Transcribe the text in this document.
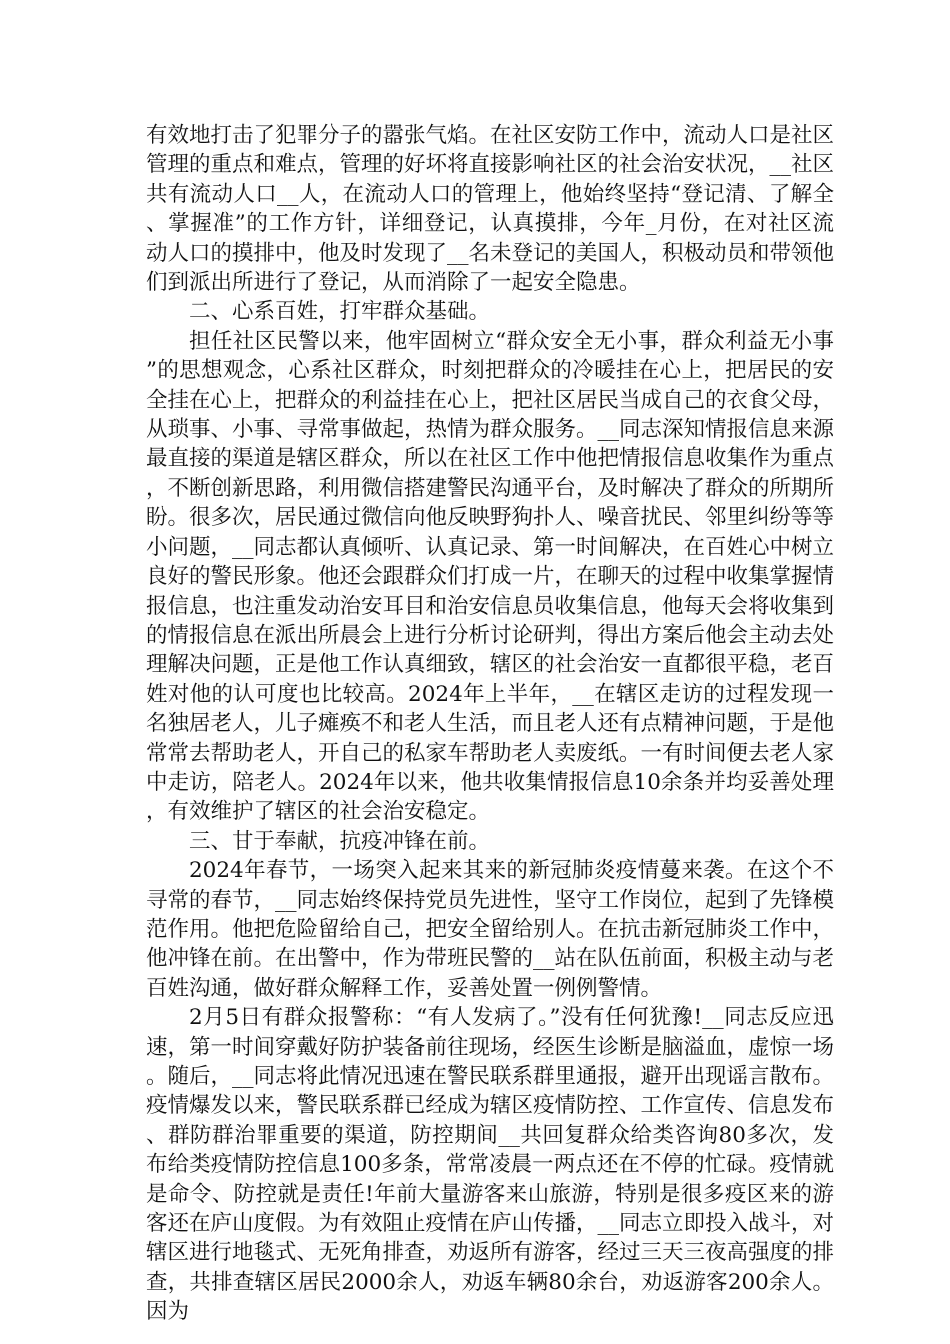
有效地打击了犯罪分子的嚣张气焰。在社区安防工作中，流动人口是社区管理的重点和难点，管理的好坏将直接影响社区的社会治安状况，__社区共有流动人口__人，在流动人口的管理上，他始终坚持“登记清、了解全、掌握准”的工作方针，详细登记，认真摸排，今年_月份，在对社区流动人口的摸排中，他及时发现了__名未登记的美国人，积极动员和带领他们到派出所进行了登记，从而消除了一起安全隐患。

二、心系百姓，打牢群众基础。

担任社区民警以来，他牢固树立“群众安全无小事，群众利益无小事”的思想观念，心系社区群众，时刻把群众的冷暖挂在心上，把居民的安全挂在心上，把群众的利益挂在心上，把社区居民当成自己的衣食父母，从琐事、小事、寻常事做起，热情为群众服务。__同志深知情报信息来源最直接的渠道是辖区群众，所以在社区工作中他把情报信息收集作为重点，不断创新思路，利用微信搭建警民沟通平台，及时解决了群众的所期所盼。很多次，居民通过微信向他反映野狗扑人、噪音扰民、邻里纠纷等等小问题，__同志都认真倾听、认真记录、第一时间解决，在百姓心中树立良好的警民形象。他还会跟群众们打成一片，在聊天的过程中收集掌握情报信息，也注重发动治安耳目和治安信息员收集信息，他每天会将收集到的情报信息在派出所晨会上进行分析讨论研判，得出方案后他会主动去处理解决问题，正是他工作认真细致，辖区的社会治安一直都很平稳，老百姓对他的认可度也比较高。2024年上半年，__在辖区走访的过程发现一名独居老人，儿子瘫痪不和老人生活，而且老人还有点精神问题，于是他常常去帮助老人，开自己的私家车帮助老人卖废纸。一有时间便去老人家中走访，陪老人。2024年以来，他共收集情报信息10余条并均妥善处理，有效维护了辖区的社会治安稳定。

三、甘于奉献，抗疫冲锋在前。

2024年春节，一场突入起来其来的新冠肺炎疫情蔓来袭。在这个不寻常的春节，__同志始终保持党员先进性，坚守工作岗位，起到了先锋模范作用。他把危险留给自己，把安全留给别人。在抗击新冠肺炎工作中，他冲锋在前。在出警中，作为带班民警的__站在队伍前面，积极主动与老百姓沟通，做好群众解释工作，妥善处置一例例警情。

2月5日有群众报警称：“有人发病了。”没有任何犹豫!__同志反应迅速，第一时间穿戴好防护装备前往现场，经医生诊断是脑溢血，虚惊一场。随后，__同志将此情况迅速在警民联系群里通报，避开出现谣言散布。疫情爆发以来，警民联系群已经成为辖区疫情防控、工作宣传、信息发布、群防群治罪重要的渠道，防控期间__共回复群众给类咨询80多次，发布给类疫情防控信息100多条，常常凌晨一两点还在不停的忙碌。疫情就是命令、防控就是责任!年前大量游客来山旅游，特别是很多疫区来的游客还在庐山度假。为有效阻止疫情在庐山传播，__同志立即投入战斗，对辖区进行地毯式、无死角排查，劝返所有游客，经过三天三夜高强度的排查，共排查辖区居民2000余人，劝返车辆80余台，劝返游客200余人。因为
